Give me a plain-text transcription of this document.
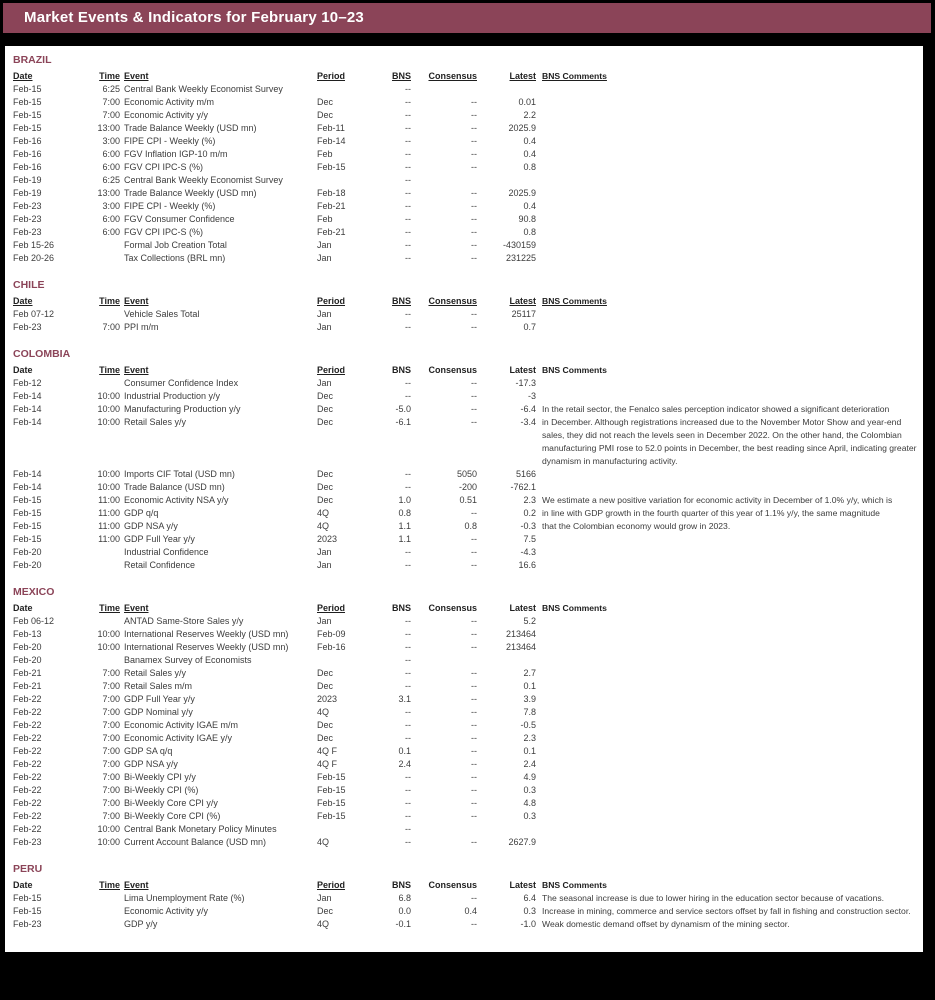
Market Events & Indicators for February 10–23
BRAZIL
Date	Time Event	Period	BNS	Consensus	Latest BNS Comments
Feb-15	6:25 Central Bank Weekly Economist Survey	--
Feb-15	7:00 Economic Activity m/m	Dec	--	--	0.01
Feb-15	7:00 Economic Activity y/y	Dec	--	--	2.2
Feb-15	13:00 Trade Balance Weekly (USD mn)	Feb-11	--	--	2025.9
Feb-16	3:00 FIPE CPI - Weekly (%)	Feb-14	--	--	0.4
Feb-16	6:00 FGV Inflation IGP-10 m/m	Feb	--	--	0.4
Feb-16	6:00 FGV CPI IPC-S (%)	Feb-15	--	--	0.8
Feb-19	6:25 Central Bank Weekly Economist Survey	--
Feb-19	13:00 Trade Balance Weekly (USD mn)	Feb-18	--	--	2025.9
Feb-23	3:00 FIPE CPI - Weekly (%)	Feb-21	--	--	0.4
Feb-23	6:00 FGV Consumer Confidence	Feb	--	--	90.8
Feb-23	6:00 FGV CPI IPC-S (%)	Feb-21	--	--	0.8
Feb 15-26	Formal Job Creation Total	Jan	--	--	-430159
Feb 20-26	Tax Collections (BRL mn)	Jan	--	--	231225
CHILE
Date	Time Event	Period	BNS	Consensus	Latest BNS Comments
Feb 07-12	Vehicle Sales Total	Jan	--	--	25117
Feb-23	7:00 PPI m/m	Jan	--	--	0.7
COLOMBIA
Date	Time Event	Period	BNS	Consensus	Latest BNS Comments
Feb-12	Consumer Confidence Index	Jan	--	--	-17.3
Feb-14	10:00 Industrial Production y/y	Dec	--	--	-3
Feb-14	10:00 Manufacturing Production y/y	Dec	-5.0	--	-6.4 In the retail sector, the Fenalco sales perception indicator showed a significant deterioration
Feb-14	10:00 Retail Sales y/y	Dec	-6.1	--	-3.4 in December. Although registrations increased due to the November Motor Show and year-end sales, they did not reach the levels seen in December 2022. On the other hand, the Colombian manufacturing PMI rose to 52.0 points in December, the best reading since April, indicating greater dynamism in manufacturing activity.
Feb-14	10:00 Imports CIF Total (USD mn)	Dec	--	5050	5166
Feb-14	10:00 Trade Balance (USD mn)	Dec	--	-200	-762.1
Feb-15	11:00 Economic Activity NSA y/y	Dec	1.0	0.51	2.3 We estimate a new positive variation for economic activity in December of 1.0% y/y, which is
Feb-15	11:00 GDP q/q	4Q	0.8	--	0.2 in line with GDP growth in the fourth quarter of this year of 1.1% y/y, the same magnitude
Feb-15	11:00 GDP NSA y/y	4Q	1.1	0.8	-0.3 that the Colombian economy would grow in 2023.
Feb-15	11:00 GDP Full Year y/y	2023	1.1	--	7.5
Feb-20	Industrial Confidence	Jan	--	--	-4.3
Feb-20	Retail Confidence	Jan	--	--	16.6
MEXICO
Date	Time Event	Period	BNS	Consensus	Latest BNS Comments
Feb 06-12	ANTAD Same-Store Sales y/y	Jan	--	--	5.2
Feb-13	10:00 International Reserves Weekly (USD mn)	Feb-09	--	--	213464
Feb-20	10:00 International Reserves Weekly (USD mn)	Feb-16	--	--	213464
Feb-20	Banamex Survey of Economists	--
Feb-21	7:00 Retail Sales y/y	Dec	--	--	2.7
Feb-21	7:00 Retail Sales m/m	Dec	--	--	0.1
Feb-22	7:00 GDP Full Year y/y	2023	3.1	--	3.9
Feb-22	7:00 GDP Nominal y/y	4Q	--	--	7.8
Feb-22	7:00 Economic Activity IGAE m/m	Dec	--	--	-0.5
Feb-22	7:00 Economic Activity IGAE y/y	Dec	--	--	2.3
Feb-22	7:00 GDP SA q/q	4Q F	0.1	--	0.1
Feb-22	7:00 GDP NSA y/y	4Q F	2.4	--	2.4
Feb-22	7:00 Bi-Weekly CPI y/y	Feb-15	--	--	4.9
Feb-22	7:00 Bi-Weekly CPI (%)	Feb-15	--	--	0.3
Feb-22	7:00 Bi-Weekly Core CPI y/y	Feb-15	--	--	4.8
Feb-22	7:00 Bi-Weekly Core CPI (%)	Feb-15	--	--	0.3
Feb-22	10:00 Central Bank Monetary Policy Minutes	--
Feb-23	10:00 Current Account Balance (USD mn)	4Q	--	--	2627.9
PERU
Date	Time Event	Period	BNS	Consensus	Latest BNS Comments
Feb-15	Lima Unemployment Rate (%)	Jan	6.8	--	6.4 The seasonal increase is due to lower hiring in the education sector because of vacations.
Feb-15	Economic Activity y/y	Dec	0.0	0.4	0.3 Increase in mining, commerce and service sectors offset by fall in fishing and construction sector.
Feb-23	GDP y/y	4Q	-0.1	--	-1.0 Weak domestic demand offset by dynamism of the mining sector.
